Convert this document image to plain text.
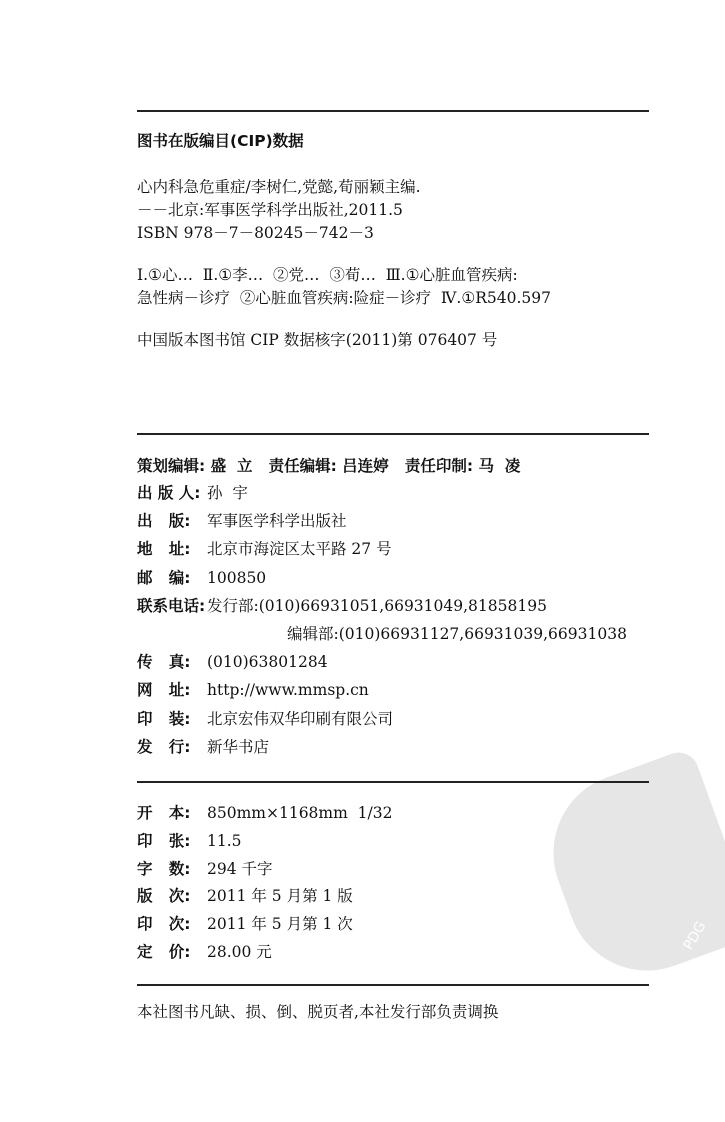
PDG
图书在版编目(CIP)数据
心内科急危重症/李树仁,党懿,荀丽颖主编.
－－北京:军事医学科学出版社,2011.5
ISBN 978－7－80245－742－3
Ⅰ.①心…  Ⅱ.①李…  ②党…  ③荀…  Ⅲ.①心脏血管疾病:
急性病－诊疗  ②心脏血管疾病:险症－诊疗  Ⅳ.①R540.597
中国版本图书馆 CIP 数据核字(2011)第 076407 号
策划编辑: 盛  立   责任编辑: 吕连婷   责任印制: 马  凌
出 版 人: 孙  宇
出   版: 军事医学科学出版社
地   址: 北京市海淀区太平路 27 号
邮   编: 100850
联系电话: 发行部:(010)66931051,66931049,81858195
编辑部:(010)66931127,66931039,66931038
传   真: (010)63801284
网   址: http://www.mmsp.cn
印   装: 北京宏伟双华印刷有限公司
发   行: 新华书店
开   本: 850mm×1168mm  1/32
印   张: 11.5
字   数: 294 千字
版   次: 2011 年 5 月第 1 版
印   次: 2011 年 5 月第 1 次
定   价: 28.00 元
本社图书凡缺、损、倒、脱页者,本社发行部负责调换
